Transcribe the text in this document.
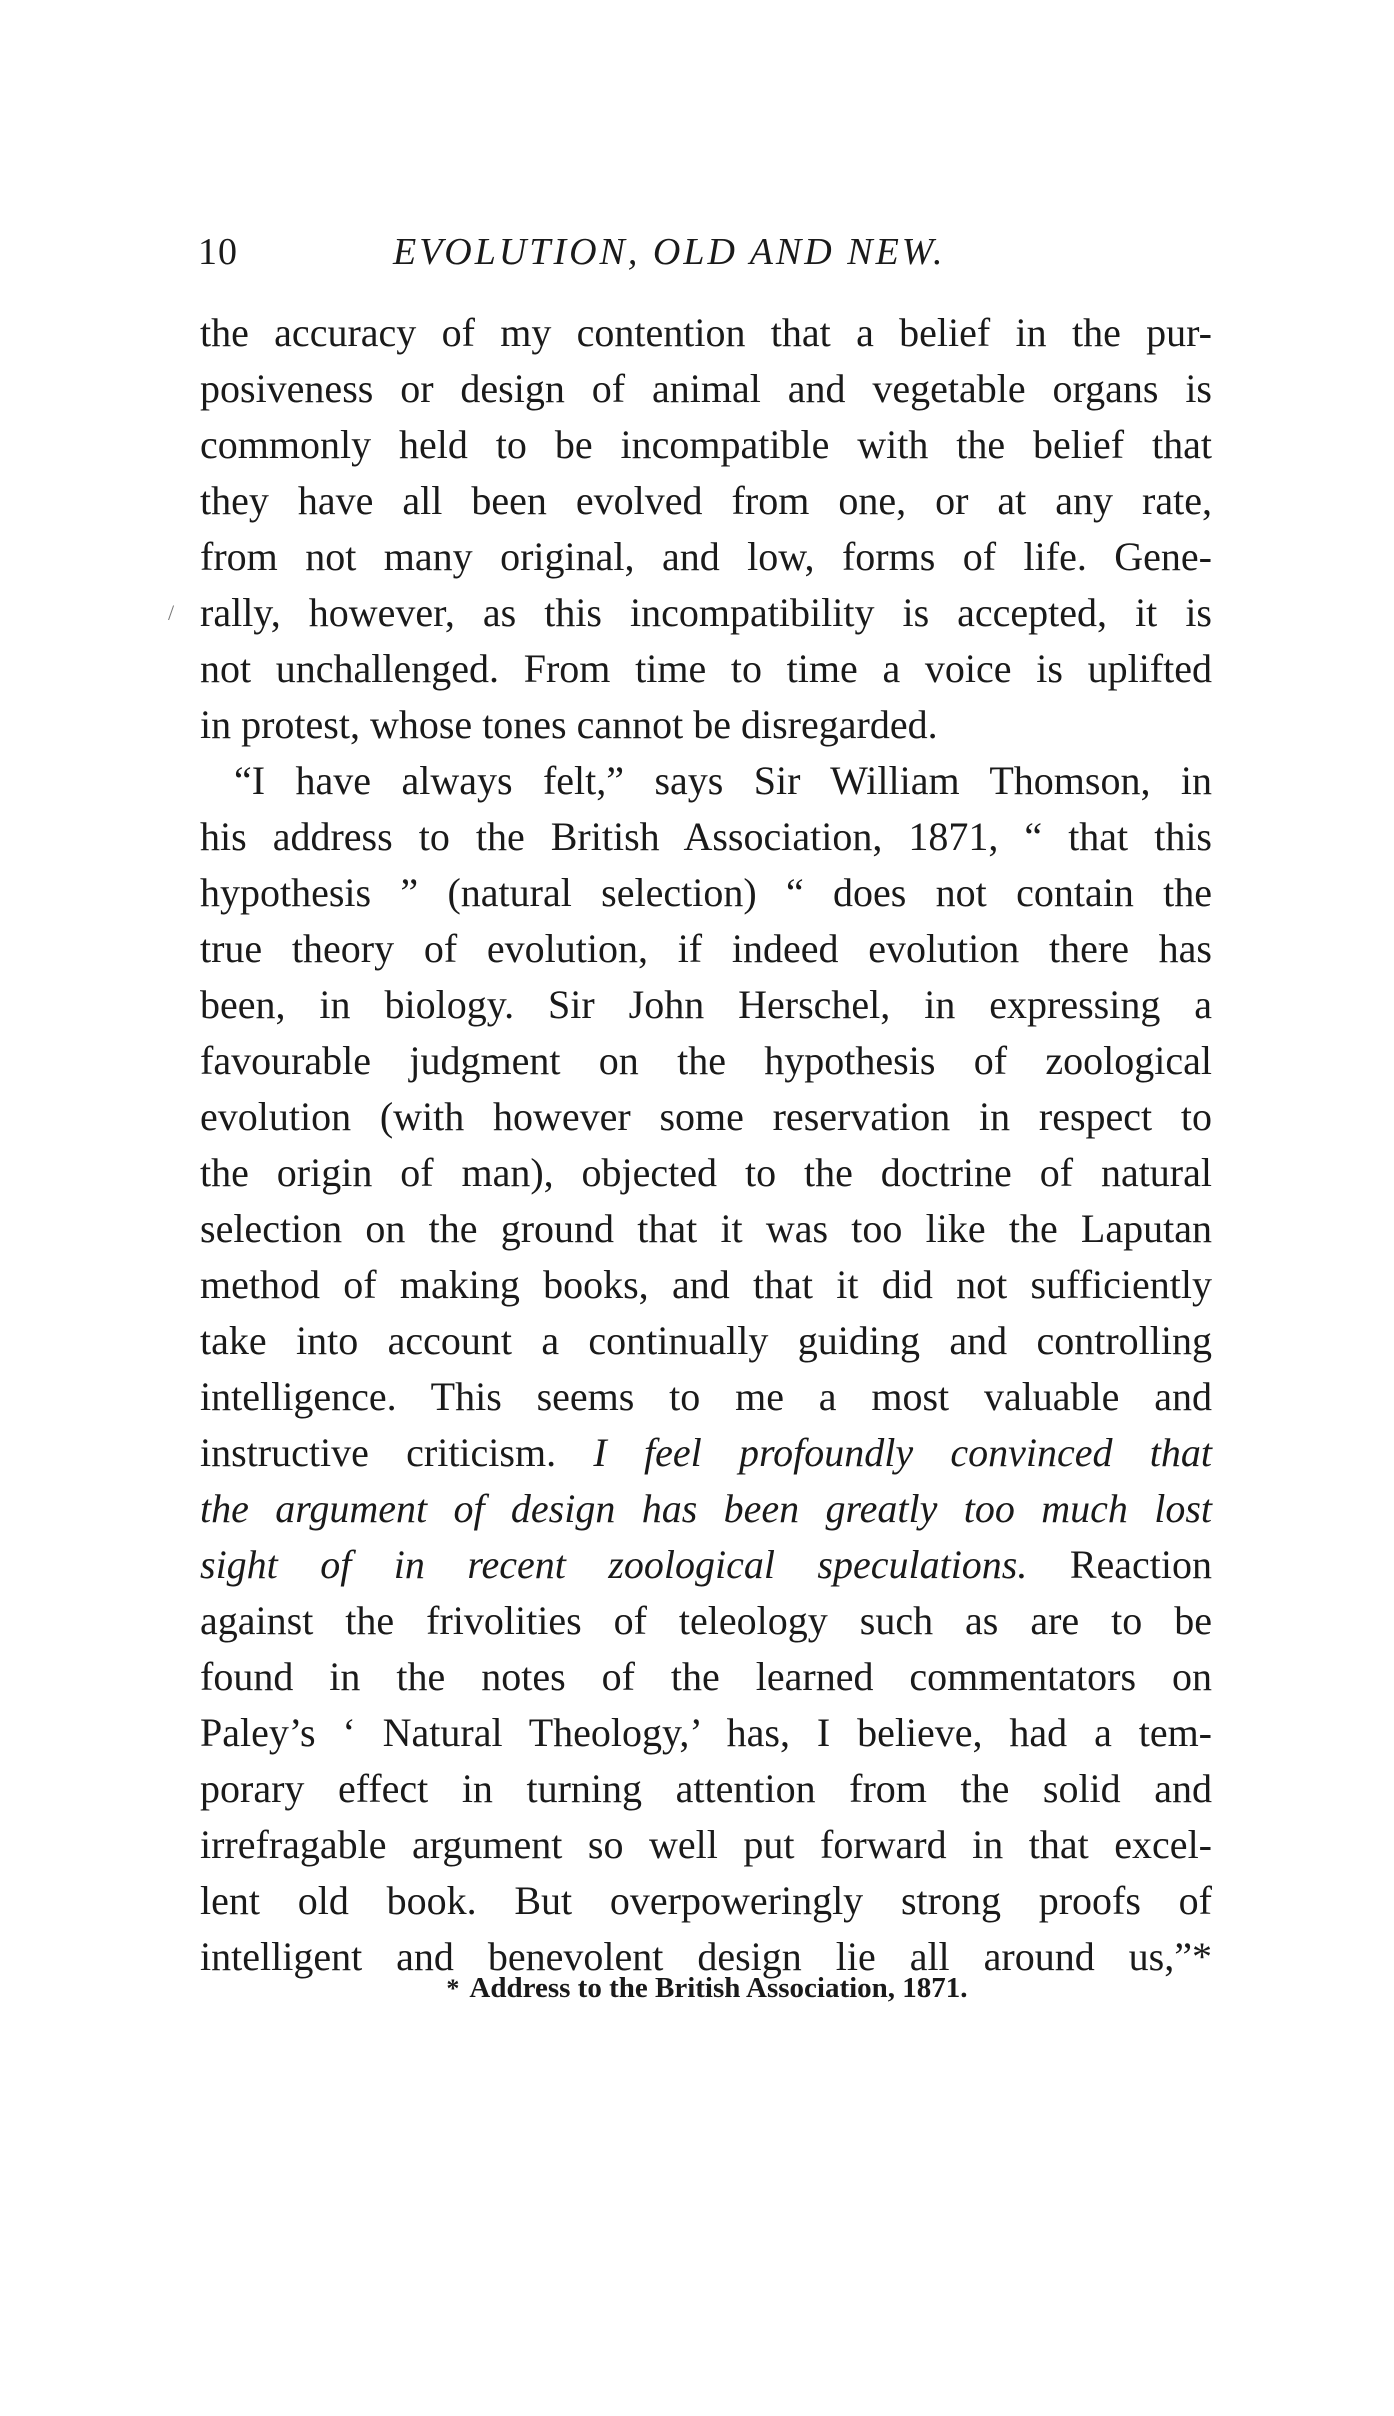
10	EVOLUTION, OLD AND NEW.
/
the accuracy of my contention that a belief in the pur-
posiveness or design of animal and vegetable organs is
commonly held to be incompatible with the belief that
they have all been evolved from one, or at any rate,
from not many original, and low, forms of life. Gene-
rally, however, as this incompatibility is accepted, it is
not unchallenged. From time to time a voice is uplifted
in protest, whose tones cannot be disregarded.
“I have always felt,” says Sir William Thomson, in
his address to the British Association, 1871, “ that this
hypothesis ” (natural selection) “ does not contain the
true theory of evolution, if indeed evolution there has
been, in biology. Sir John Herschel, in expressing a
favourable judgment on the hypothesis of zoological
evolution (with however some reservation in respect to
the origin of man), objected to the doctrine of natural
selection on the ground that it was too like the Laputan
method of making books, and that it did not sufficiently
take into account a continually guiding and controlling
intelligence. This seems to me a most valuable and
instructive criticism. I feel profoundly convinced that
the argument of design has been greatly too much lost
sight of in recent zoological speculations. Reaction
against the frivolities of teleology such as are to be
found in the notes of the learned commentators on
Paley’s ‘ Natural Theology,’ has, I believe, had a tem-
porary effect in turning attention from the solid and
irrefragable argument so well put forward in that excel-
lent old book. But overpoweringly strong proofs of
intelligent and benevolent design lie all around us,”*
* Address to the British Association, 1871.
